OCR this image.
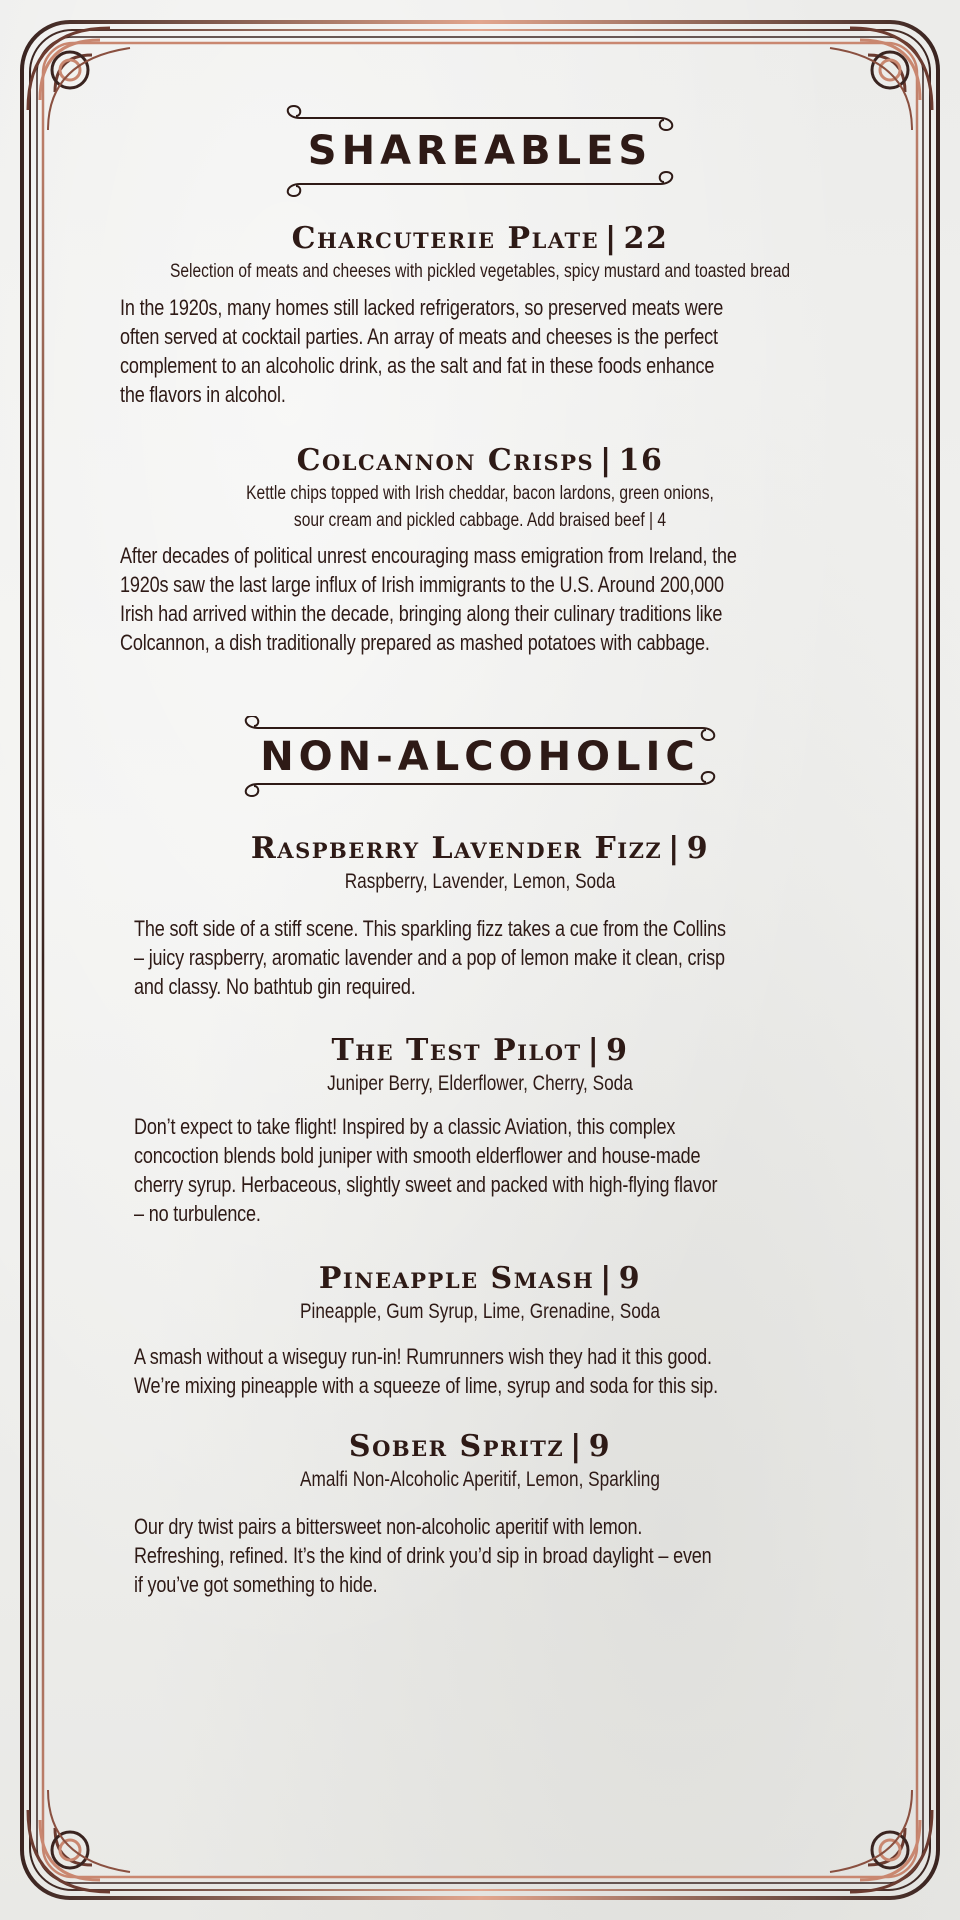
SHAREABLES
Charcuterie Plate | 22
Selection of meats and cheeses with pickled vegetables, spicy mustard and toasted bread
In the 1920s, many homes still lacked refrigerators, so preserved meats were
often served at cocktail parties. An array of meats and cheeses is the perfect
complement to an alcoholic drink, as the salt and fat in these foods enhance
the flavors in alcohol.
Colcannon Crisps | 16
Kettle chips topped with Irish cheddar, bacon lardons, green onions,
sour cream and pickled cabbage. Add braised beef | 4
After decades of political unrest encouraging mass emigration from Ireland, the
1920s saw the last large influx of Irish immigrants to the U.S. Around 200,000
Irish had arrived within the decade, bringing along their culinary traditions like
Colcannon, a dish traditionally prepared as mashed potatoes with cabbage.
NON-ALCOHOLIC
Raspberry Lavender Fizz | 9
Raspberry, Lavender, Lemon, Soda
The soft side of a stiff scene. This sparkling fizz takes a cue from the Collins
– juicy raspberry, aromatic lavender and a pop of lemon make it clean, crisp
and classy. No bathtub gin required.
The Test Pilot | 9
Juniper Berry, Elderflower, Cherry, Soda
Don’t expect to take flight! Inspired by a classic Aviation, this complex
concoction blends bold juniper with smooth elderflower and house-made
cherry syrup. Herbaceous, slightly sweet and packed with high-flying flavor
– no turbulence.
Pineapple Smash | 9
Pineapple, Gum Syrup, Lime, Grenadine, Soda
A smash without a wiseguy run-in! Rumrunners wish they had it this good.
We’re mixing pineapple with a squeeze of lime, syrup and soda for this sip.
Sober Spritz | 9
Amalfi Non-Alcoholic Aperitif, Lemon, Sparkling
Our dry twist pairs a bittersweet non-alcoholic aperitif with lemon.
Refreshing, refined. It’s the kind of drink you’d sip in broad daylight – even
if you’ve got something to hide.
